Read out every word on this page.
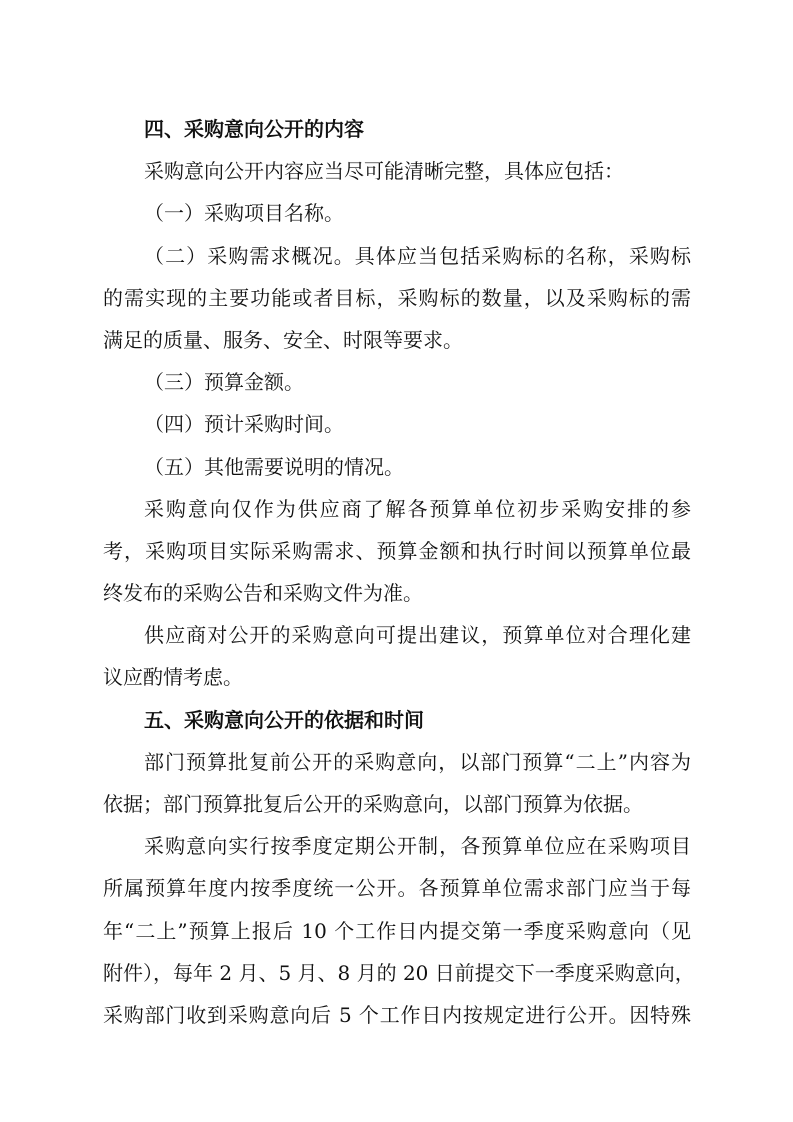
四、采购意向公开的内容
采购意向公开内容应当尽可能清晰完整，具体应包括：
（一）采购项目名称。
（二）采购需求概况。具体应当包括采购标的名称，采购标
的需实现的主要功能或者目标，采购标的数量，以及采购标的需
满足的质量、服务、安全、时限等要求。
（三）预算金额。
（四）预计采购时间。
（五）其他需要说明的情况。
采购意向仅作为供应商了解各预算单位初步采购安排的参
考，采购项目实际采购需求、预算金额和执行时间以预算单位最
终发布的采购公告和采购文件为准。
供应商对公开的采购意向可提出建议，预算单位对合理化建
议应酌情考虑。
五、采购意向公开的依据和时间
部门预算批复前公开的采购意向，以部门预算“二上”内容为
依据；部门预算批复后公开的采购意向，以部门预算为依据。
采购意向实行按季度定期公开制，各预算单位应在采购项目
所属预算年度内按季度统一公开。各预算单位需求部门应当于每
年“二上”预算上报后 10 个工作日内提交第一季度采购意向（见
附件），每年 2 月、5 月、8 月的 20 日前提交下一季度采购意向，
采购部门收到采购意向后 5 个工作日内按规定进行公开。因特殊
